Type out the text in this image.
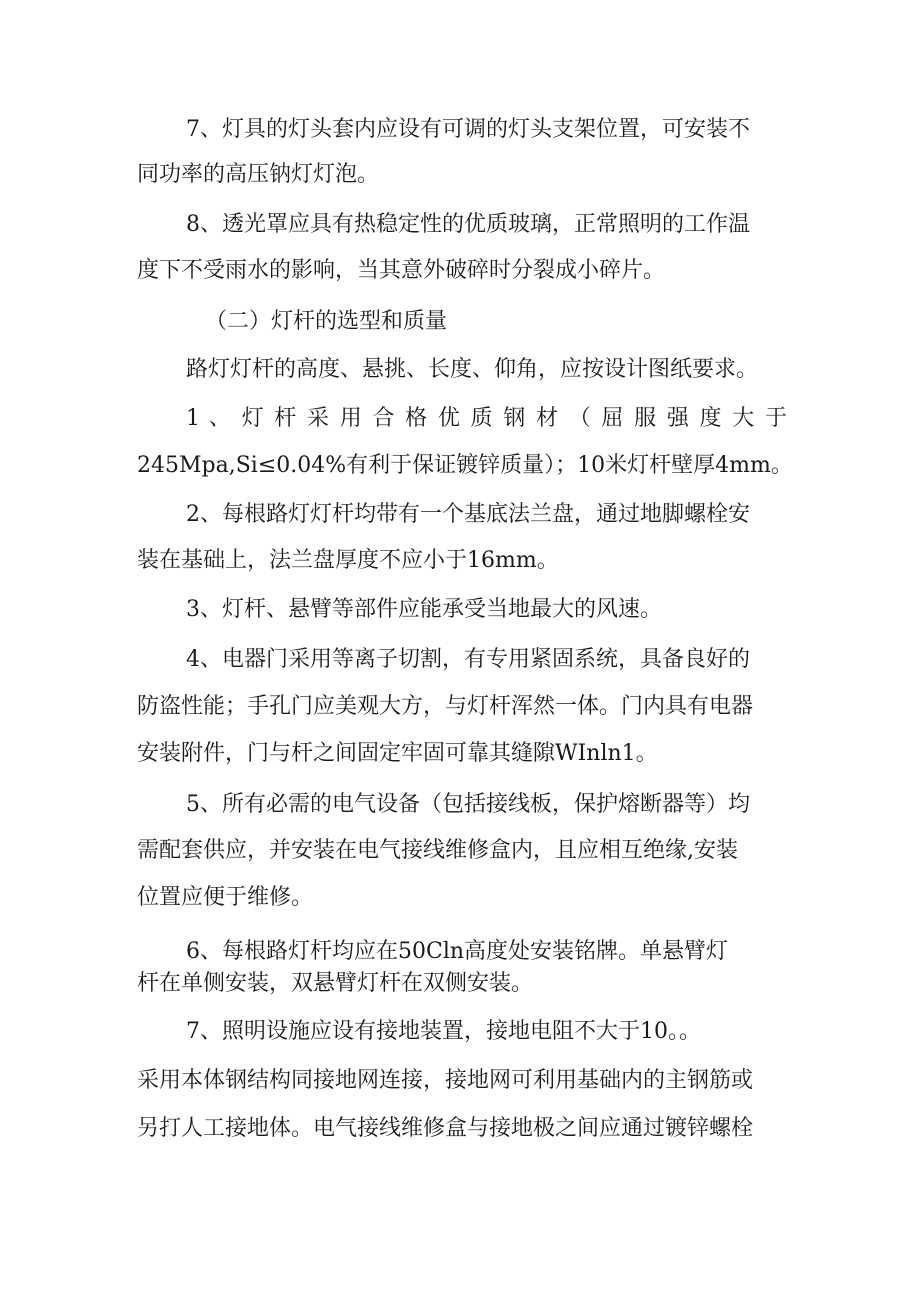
7、灯具的灯头套内应设有可调的灯头支架位置，可安装不
同功率的高压钠灯灯泡。
8、透光罩应具有热稳定性的优质玻璃，正常照明的工作温
度下不受雨水的影响，当其意外破碎时分裂成小碎片。
（二）灯杆的选型和质量
路灯灯杆的高度、悬挑、长度、仰角，应按设计图纸要求。
1 、 灯 杆 采 用 合 格 优 质 钢 材 （ 屈 服 强 度 大 于
245Mpa,Si≤0.04%有利于保证镀锌质量）；10米灯杆壁厚4mm。
2、每根路灯灯杆均带有一个基底法兰盘，通过地脚螺栓安
装在基础上，法兰盘厚度不应小于16mm。
3、灯杆、悬臂等部件应能承受当地最大的风速。
4、电器门采用等离子切割，有专用紧固系统，具备良好的
防盗性能；手孔门应美观大方，与灯杆浑然一体。门内具有电器
安装附件，门与杆之间固定牢固可靠其缝隙WInln1。
5、所有必需的电气设备（包括接线板，保护熔断器等）均
需配套供应，并安装在电气接线维修盒内，且应相互绝缘,安装
位置应便于维修。
6、每根路灯杆均应在50Cln高度处安装铭牌。单悬臂灯
杆在单侧安装，双悬臂灯杆在双侧安装。
7、照明设施应设有接地装置，接地电阻不大于10。。
采用本体钢结构同接地网连接，接地网可利用基础内的主钢筋或
另打人工接地体。电气接线维修盒与接地极之间应通过镀锌螺栓
